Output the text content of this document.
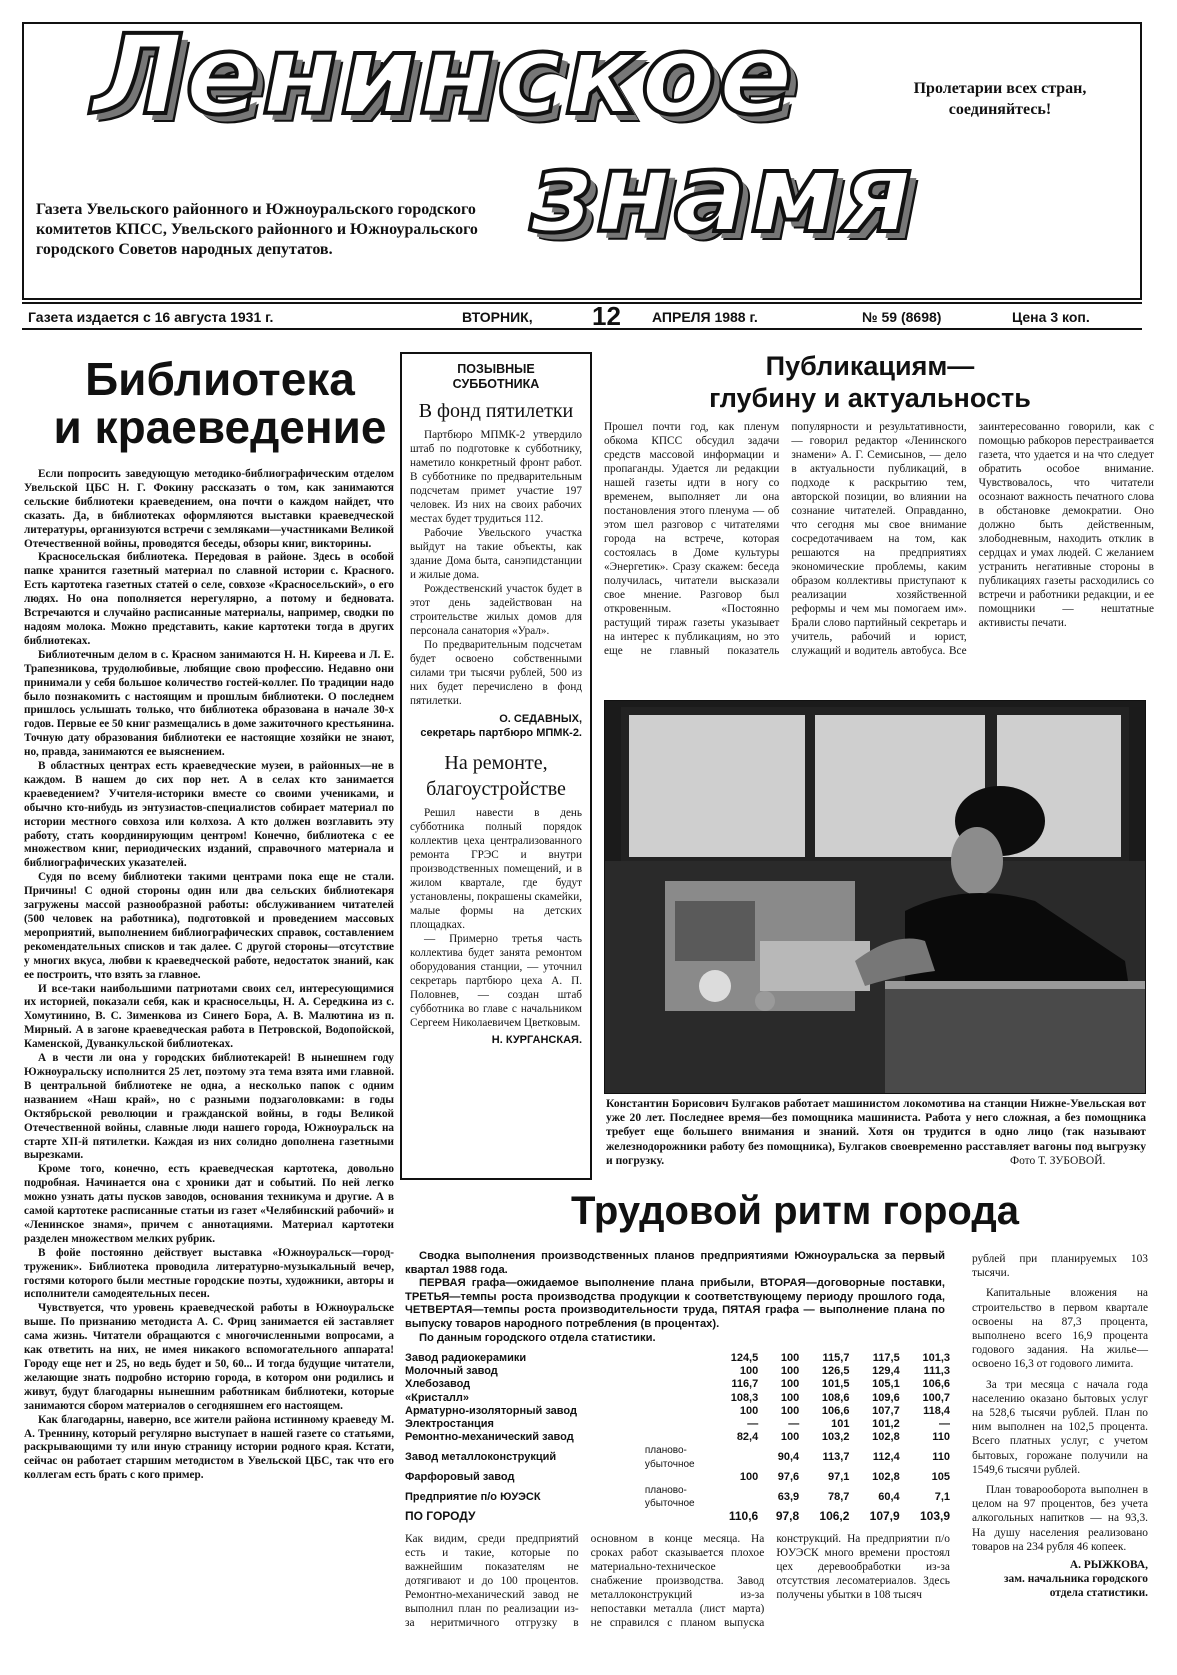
Ленинское
знамя
Пролетарии всех стран,
соединяйтесь!
Газета Увельского районного и Южноуральского городского комитетов КПСС, Увельского районного и Южноуральского городского Советов народных депутатов.
Газета издается с 16 августа 1931 г.	ВТОРНИК, 12 АПРЕЛЯ 1988 г.	№ 59 (8698)	Цена 3 коп.
Библиотека
и краеведение

Если попросить заведующую методико-библиографическим отделом Увельской ЦБС Н. Г. Фокину рассказать о том, как занимаются сельские библиотеки краеведением, она почти о каждом найдет, что сказать. Да, в библиотеках оформляются выставки краеведческой литературы, организуются встречи с земляками—участниками Великой Отечественной войны, проводятся беседы, обзоры книг, викторины.

Красносельская библиотека. Передовая в районе. Здесь в особой папке хранится газетный материал по славной истории с. Красного. Есть картотека газетных статей о селе, совхозе «Красносельский», о его людях. Но она пополняется нерегулярно, а потому и бедновата. Встречаются и случайно расписанные материалы, например, сводки по надоям молока. Можно представить, какие картотеки тогда в других библиотеках.

Библиотечным делом в с. Красном занимаются Н. Н. Киреева и Л. Е. Трапезникова, трудолюбивые, любящие свою профессию. Недавно они принимали у себя большое количество гостей-коллег. По традиции надо было познакомить с настоящим и прошлым библиотеки. О последнем пришлось услышать только, что библиотека образована в начале 30-х годов. Первые ее 50 книг размещались в доме зажиточного крестьянина. Точную дату образования библиотеки ее настоящие хозяйки не знают, но, правда, занимаются ее выяснением.

В областных центрах есть краеведческие музеи, в районных—не в каждом. В нашем до сих пор нет. А в селах кто занимается краеведением? Учителя-историки вместе со своими учениками, и обычно кто-нибудь из энтузиастов-специалистов собирает материал по истории местного совхоза или колхоза. А кто должен возглавить эту работу, стать координирующим центром! Конечно, библиотека с ее множеством книг, периодических изданий, справочного материала и библиографических указателей.

Судя по всему библиотеки такими центрами пока еще не стали. Причины! С одной стороны один или два сельских библиотекаря загружены массой разнообразной работы: обслуживанием читателей (500 человек на работника), подготовкой и проведением массовых мероприятий, выполнением библиографических справок, составлением рекомендательных списков и так далее. С другой стороны—отсутствие у многих вкуса, любви к краеведческой работе, недостаток знаний, как ее построить, что взять за главное.

И все-таки наибольшими патриотами своих сел, интересующимися их историей, показали себя, как и красносельцы, Н. А. Середкина из с. Хомутинино, В. С. Зименкова из Синего Бора, А. В. Малютина из п. Мирный. А в загоне краеведческая работа в Петровской, Водопойской, Каменской, Дуванкульской библиотеках.

А в чести ли она у городских библиотекарей! В нынешнем году Южноуральску исполнится 25 лет, поэтому эта тема взята ими главной. В центральной библиотеке не одна, а несколько папок с одним названием «Наш край», но с разными подзаголовками: в годы Октябрьской революции и гражданской войны, в годы Великой Отечественной войны, славные люди нашего города, Южноуральск на старте XII-й пятилетки. Каждая из них солидно дополнена газетными вырезками.

Кроме того, конечно, есть краеведческая картотека, довольно подробная. Начинается она с хроники дат и событий. По ней легко можно узнать даты пусков заводов, основания техникума и другие. А в самой картотеке расписанные статьи из газет «Челябинский рабочий» и «Ленинское знамя», причем с аннотациями. Материал картотеки разделен множеством мелких рубрик.

В фойе постоянно действует выставка «Южноуральск—город-труженик». Библиотека проводила литературно-музыкальный вечер, гостями которого были местные городские поэты, художники, авторы и исполнители самодеятельных песен.

Чувствуется, что уровень краеведческой работы в Южноуральске выше. По признанию методиста А. С. Фриц занимается ей заставляет сама жизнь. Читатели обращаются с многочисленными вопросами, а как ответить на них, не имея никакого вспомогательного аппарата! Городу еще нет и 25, но ведь будет и 50, 60... И тогда будущие читатели, желающие знать подробно историю города, в котором они родились и живут, будут благодарны нынешним работникам библиотеки, которые занимаются сбором материалов о сегодняшнем его настоящем.

Как благодарны, наверно, все жители района истинному краеведу М. А. Треннину, который регулярно выступает в нашей газете со статьями, раскрывающими ту или иную страницу истории родного края. Кстати, сейчас он работает старшим методистом в Увельской ЦБС, так что его коллегам есть брать с кого пример.

ПОЗЫВНЫЕ СУББОТНИКА
В фонд пятилетки

Партбюро МПМК-2 утвердило штаб по подготовке к субботнику, наметило конкретный фронт работ. В субботнике по предварительным подсчетам примет участие 197 человек. Из них на своих рабочих местах будет трудиться 112.

Рабочие Увельского участка выйдут на такие объекты, как здание Дома быта, санэпидстанции и жилые дома.

Рождественский участок будет в этот день задействован на строительстве жилых домов для персонала санатория «Урал».

По предварительным подсчетам будет освоено собственными силами три тысячи рублей, 500 из них будет перечислено в фонд пятилетки.

О. СЕДАВНЫХ,
секретарь партбюро МПМК-2.
На ремонте, благоустройстве

Решил навести в день субботника полный порядок коллектив цеха централизованного ремонта ГРЭС и внутри производственных помещений, и в жилом квартале, где будут установлены, покрашены скамейки, малые формы на детских площадках.

— Примерно третья часть коллектива будет занята ремонтом оборудования станции, — уточнил секретарь партбюро цеха А. П. Половнев, — создан штаб субботника во главе с начальником Сергеем Николаевичем Цветковым.

Н. КУРГАНСКАЯ.
Публикациям—
глубину и актуальность
Прошел почти год, как пленум обкома КПСС обсудил задачи средств массовой информации и пропаганды. Удается ли редакции нашей газеты идти в ногу со временем, выполняет ли она постановления этого пленума — об этом шел разговор с читателями города на встрече, которая состоялась в Доме культуры «Энергетик». Сразу скажем: беседа получилась, читатели высказали свое мнение. Разговор был откровенным. «Постоянно растущий тираж газеты указывает на интерес к публикациям, но это еще не главный показатель популярности и результативности, — говорил редактор «Ленинского знамени» А. Г. Семисынов, — дело в актуальности публикаций, в подходе к раскрытию тем, авторской позиции, во влиянии на сознание читателей. Оправданно, что сегодня мы свое внимание сосредотачиваем на том, как решаются на предприятиях экономические проблемы, каким образом коллективы приступают к реализации хозяйственной реформы и чем мы помогаем им». Брали слово партийный секретарь и учитель, рабочий и юрист, служащий и водитель автобуса. Все заинтересованно говорили, как с помощью рабкоров перестраивается газета, что удается и на что следует обратить особое внимание. Чувствовалось, что читатели осознают важность печатного слова в обстановке демократии. Оно должно быть действенным, злободневным, находить отклик в сердцах и умах людей. С желанием устранить негативные стороны в публикациях газеты расходились со встречи и работники редакции, и ее помощники — нештатные активисты печати.
Константин Борисович Булгаков работает машинистом локомотива на станции Нижне-Увельская вот уже 20 лет. Последнее время—без помощника машиниста. Работа у него сложная, а без помощника требует еще большего внимания и знаний. Хотя он трудится в одно лицо (так называют железнодорожники работу без помощника), Булгаков своевременно расставляет вагоны под выгрузку и погрузку.	Фото Т. ЗУБОВОЙ.
Трудовой ритм города

Сводка выполнения производственных планов предприятиями Южноуральска за первый квартал 1988 года.

ПЕРВАЯ графа—ожидаемое выполнение плана прибыли, ВТОРАЯ—договорные поставки, ТРЕТЬЯ—темпы роста производства продукции к соответствующему периоду прошлого года, ЧЕТВЕРТАЯ—темпы роста производительности труда, ПЯТАЯ графа — выполнение плана по выпуску товаров народного потребления (в процентах).

По данным городского отдела статистики.

Завод радиокерамики		124,5	100	115,7	117,5	101,3
Молочный завод		100	100	126,5	129,4	111,3
Хлебозавод		116,7	100	101,5	105,1	106,6
«Кристалл»		108,3	100	108,6	109,6	100,7
Арматурно-изоляторный завод		100	100	106,6	107,7	118,4
Электростанция		—	—	101	101,2	—
Ремонтно-механический завод		82,4	100	103,2	102,8	110
Завод металлоконструкций	планово-убыточное		90,4	113,7	112,4	110
Фарфоровый завод		100	97,6	97,1	102,8	105
Предприятие п/о ЮУЭСК	планово-убыточное		63,9	78,7	60,4	7,1
ПО ГОРОДУ		110,6	97,8	106,2	107,9	103,9
Как видим, среди предприятий есть и такие, которые по важнейшим показателям не дотягивают и до 100 процентов. Ремонтно-механический завод не выполнил план по реализации из-за неритмичного отгрузку в основном в конце месяца. На сроках работ сказывается плохое материально-техническое снабжение производства. Завод металлоконструкций из-за непоставки металла (лист марта) не справился с планом выпуска конструкций. На предприятии п/о ЮУЭСК много времени простоял цех деревообработки из-за отсутствия лесоматериалов. Здесь получены убытки в 108 тысяч

рублей при планируемых 103 тысячи.

Капитальные вложения на строительство в первом квартале освоены на 87,3 процента, выполнено всего 16,9 процента годового задания. На жилье—освоено 16,3 от годового лимита.

За три месяца с начала года населению оказано бытовых услуг на 528,6 тысячи рублей. План по ним выполнен на 102,5 процента. Всего платных услуг, с учетом бытовых, горожане получили на 1549,6 тысячи рублей.

План товарооборота выполнен в целом на 97 процентов, без учета алкогольных напитков — на 93,3. На душу населения реализовано товаров на 234 рубля 46 копеек.

А. РЫЖКОВА,
зам. начальника городского отдела статистики.
